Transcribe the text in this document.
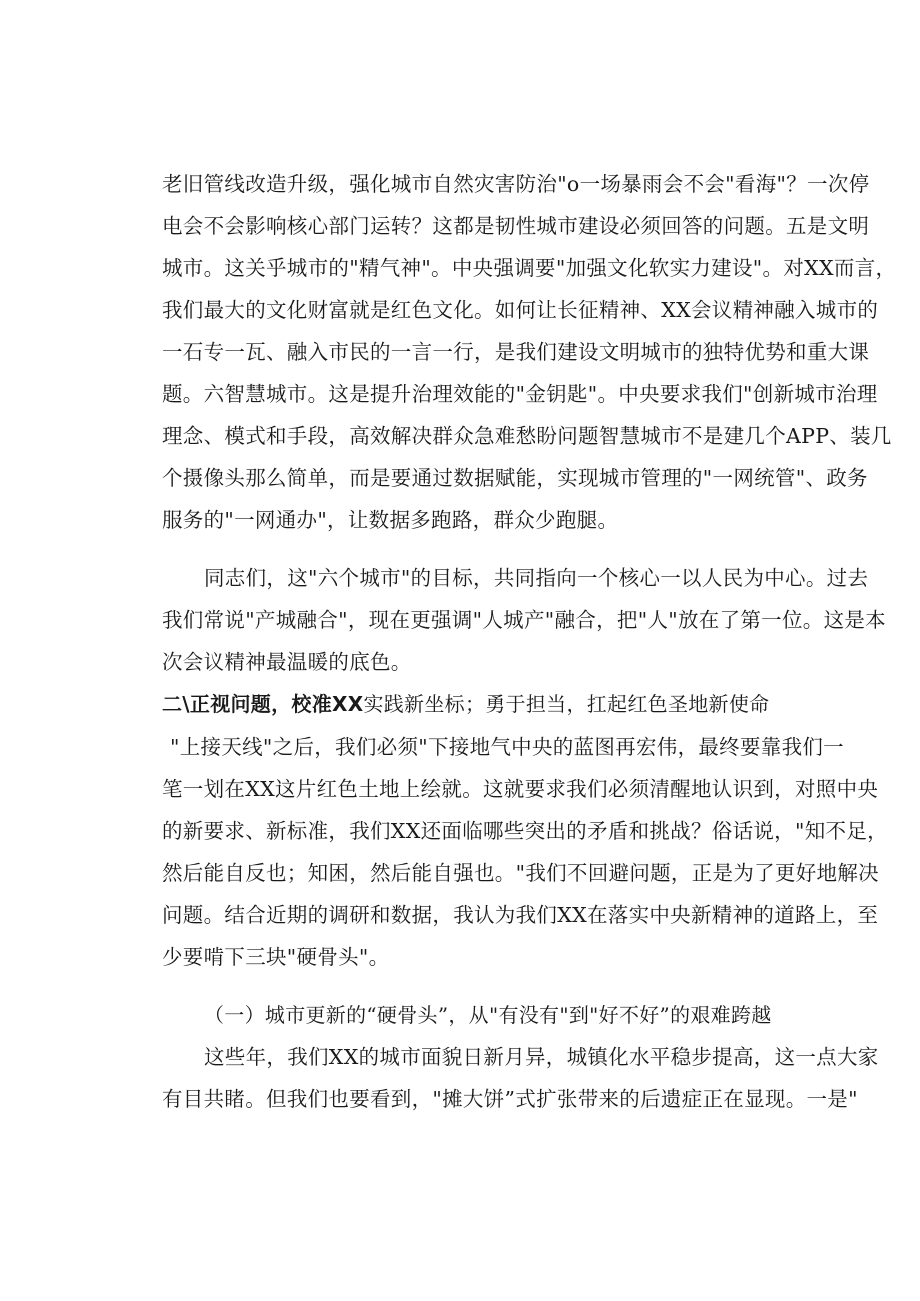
老旧管线改造升级，强化城市自然灾害防治"o一场暴雨会不会"看海"？一次停
电会不会影响核心部门运转？这都是韧性城市建设必须回答的问题。五是文明
城市。这关乎城市的"精气神"。中央强调要"加强文化软实力建设"。对XX而言，
我们最大的文化财富就是红色文化。如何让长征精神、XX会议精神融入城市的
一石专一瓦、融入市民的一言一行，是我们建设文明城市的独特优势和重大课
题。六智慧城市。这是提升治理效能的"金钥匙"。中央要求我们"创新城市治理
理念、模式和手段，高效解决群众急难愁盼问题智慧城市不是建几个APP、装几
个摄像头那么简单，而是要通过数据赋能，实现城市管理的"一网统管"、政务
服务的"一网通办"，让数据多跑路，群众少跑腿。
同志们，这"六个城市"的目标，共同指向一个核心一以人民为中心。过去
我们常说"产城融合"，现在更强调"人城产"融合，把"人"放在了第一位。这是本
次会议精神最温暖的底色。
二\正视问题，校准XX实践新坐标；勇于担当，扛起红色圣地新使命
"上接天线"之后，我们必须"下接地气中央的蓝图再宏伟，最终要靠我们一
笔一划在XX这片红色土地上绘就。这就要求我们必须清醒地认识到，对照中央
的新要求、新标准，我们XX还面临哪些突出的矛盾和挑战？俗话说，"知不足，
然后能自反也；知困，然后能自强也。"我们不回避问题，正是为了更好地解决
问题。结合近期的调研和数据，我认为我们XX在落实中央新精神的道路上，至
少要啃下三块"硬骨头"。
（一）城市更新的“硬骨头”，从"有没有"到"好不好”的艰难跨越
这些年，我们XX的城市面貌日新月异，城镇化水平稳步提高，这一点大家
有目共睹。但我们也要看到，"摊大饼”式扩张带来的后遗症正在显现。一是"
